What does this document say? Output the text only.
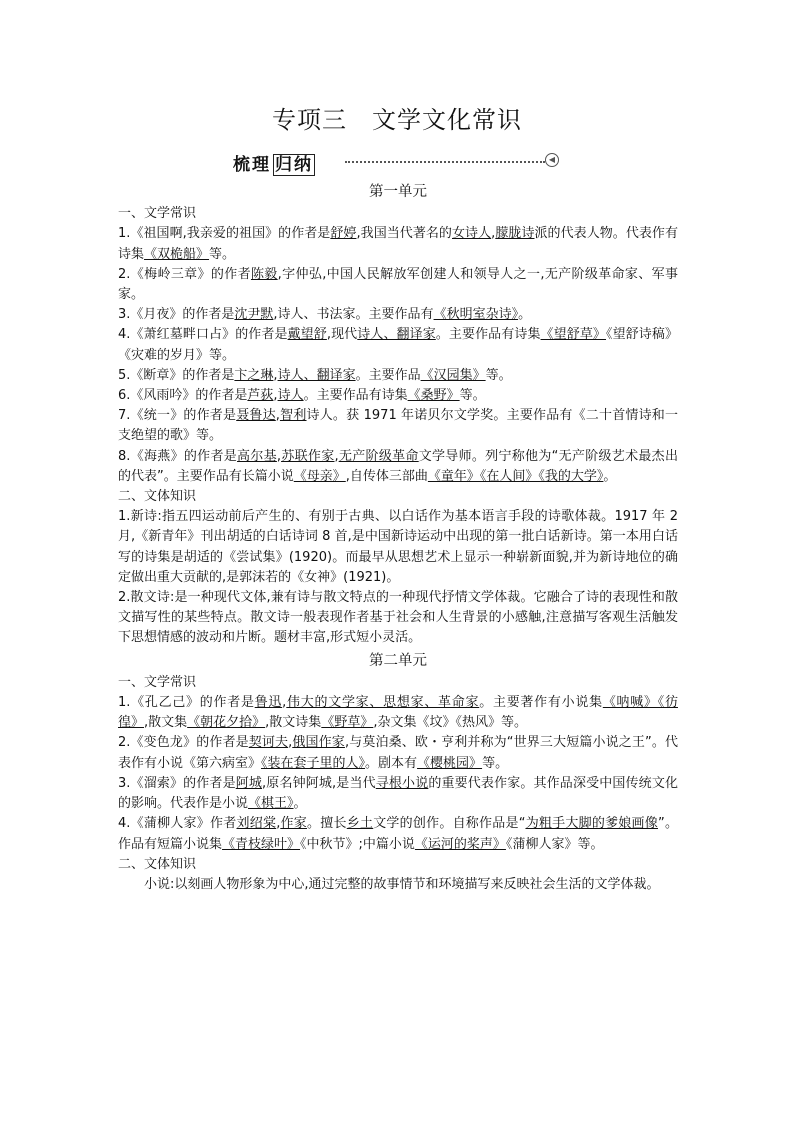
专项三　文学文化常识
梳理 归纳	◀
第一单元
一、文学常识
1.《祖国啊,我亲爱的祖国》的作者是舒婷,我国当代著名的女诗人,朦胧诗派的代表人物。代表作有诗集《双桅船》等。
2.《梅岭三章》的作者陈毅,字仲弘,中国人民解放军创建人和领导人之一,无产阶级革命家、军事家。
3.《月夜》的作者是沈尹默,诗人、书法家。主要作品有《秋明室杂诗》。
4.《萧红墓畔口占》的作者是戴望舒,现代诗人、翻译家。主要作品有诗集《望舒草》《望舒诗稿》《灾难的岁月》等。
5.《断章》的作者是卞之琳,诗人、翻译家。主要作品《汉园集》等。
6.《风雨吟》的作者是芦荻,诗人。主要作品有诗集《桑野》等。
7.《统一》的作者是聂鲁达,智利诗人。获 1971 年诺贝尔文学奖。主要作品有《二十首情诗和一支绝望的歌》等。
8.《海燕》的作者是高尔基,苏联作家,无产阶级革命文学导师。列宁称他为“无产阶级艺术最杰出的代表”。主要作品有长篇小说《母亲》,自传体三部曲《童年》《在人间》《我的大学》。
二、文体知识
1.新诗:指五四运动前后产生的、有别于古典、以白话作为基本语言手段的诗歌体裁。1917 年 2 月,《新青年》刊出胡适的白话诗词 8 首,是中国新诗运动中出现的第一批白话新诗。第一本用白话写的诗集是胡适的《尝试集》(1920)。而最早从思想艺术上显示一种崭新面貌,并为新诗地位的确定做出重大贡献的,是郭沫若的《女神》(1921)。
2.散文诗:是一种现代文体,兼有诗与散文特点的一种现代抒情文学体裁。它融合了诗的表现性和散文描写性的某些特点。散文诗一般表现作者基于社会和人生背景的小感触,注意描写客观生活触发下思想情感的波动和片断。题材丰富,形式短小灵活。
第二单元
一、文学常识
1.《孔乙己》的作者是鲁迅,伟大的文学家、思想家、革命家。主要著作有小说集《呐喊》《彷徨》,散文集《朝花夕拾》,散文诗集《野草》,杂文集《坟》《热风》等。
2.《变色龙》的作者是契诃夫,俄国作家,与莫泊桑、欧・亨利并称为“世界三大短篇小说之王”。代表作有小说《第六病室》《装在套子里的人》。剧本有《樱桃园》等。
3.《溜索》的作者是阿城,原名钟阿城,是当代寻根小说的重要代表作家。其作品深受中国传统文化的影响。代表作是小说《棋王》。
4.《蒲柳人家》作者刘绍棠,作家。擅长乡土文学的创作。自称作品是“为粗手大脚的爹娘画像”。作品有短篇小说集《青枝绿叶》《中秋节》;中篇小说《运河的桨声》《蒲柳人家》等。
二、文体知识
小说:以刻画人物形象为中心,通过完整的故事情节和环境描写来反映社会生活的文学体裁。
